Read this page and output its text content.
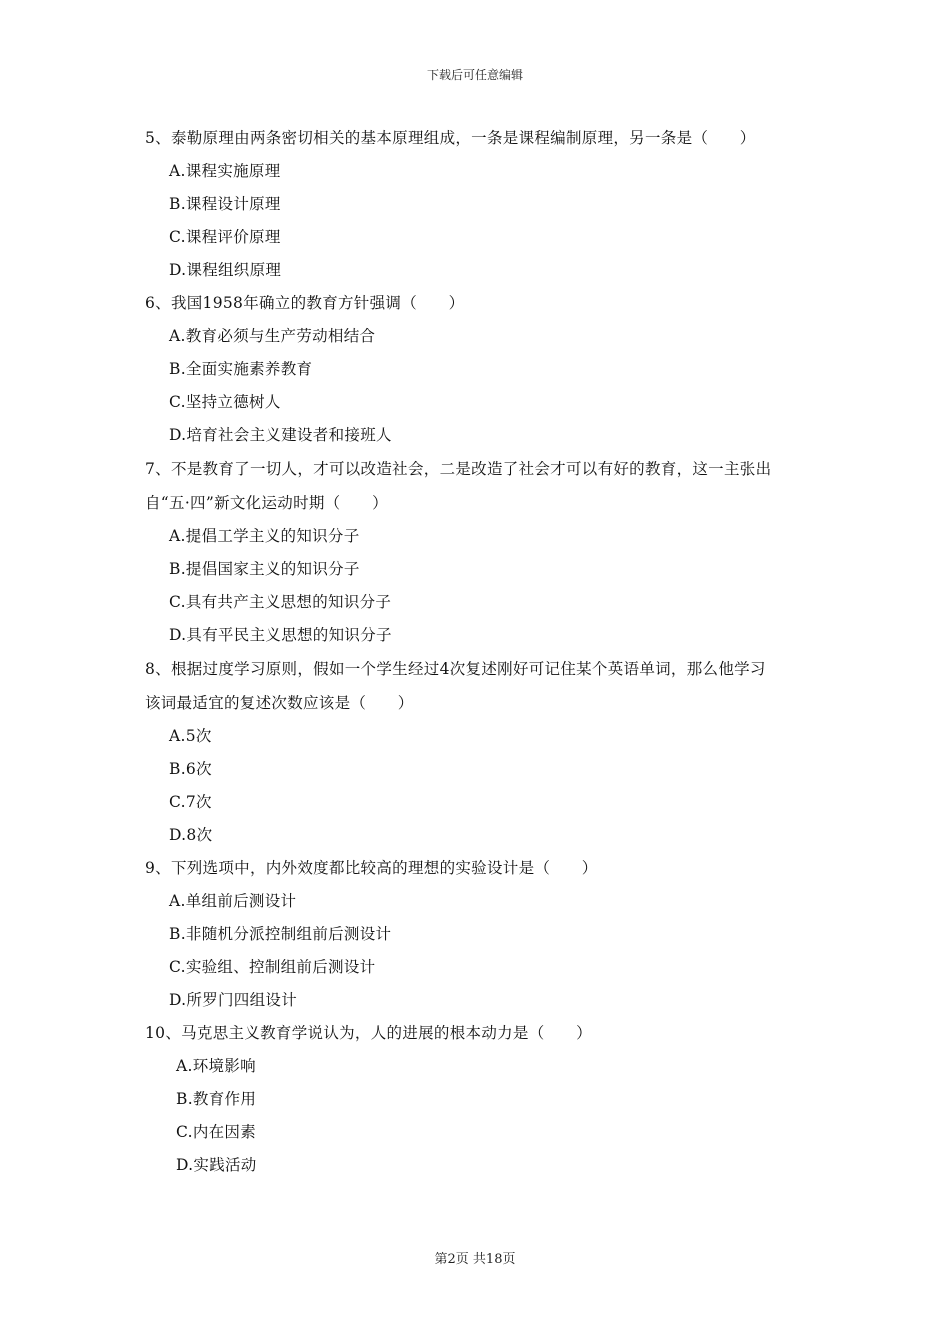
下载后可任意编辑
5、泰勒原理由两条密切相关的基本原理组成，一条是课程编制原理，另一条是（　　）
A.课程实施原理
B.课程设计原理
C.课程评价原理
D.课程组织原理
6、我国1958年确立的教育方针强调（　　）
A.教育必须与生产劳动相结合
B.全面实施素养教育
C.坚持立德树人
D.培育社会主义建设者和接班人
7、不是教育了一切人，才可以改造社会，二是改造了社会才可以有好的教育，这一主张出
自“五·四”新文化运动时期（　　）
A.提倡工学主义的知识分子
B.提倡国家主义的知识分子
C.具有共产主义思想的知识分子
D.具有平民主义思想的知识分子
8、根据过度学习原则，假如一个学生经过4次复述刚好可记住某个英语单词，那么他学习
该词最适宜的复述次数应该是（　　）
A.5次
B.6次
C.7次
D.8次
9、下列选项中，内外效度都比较高的理想的实验设计是（　　）
A.单组前后测设计
B.非随机分派控制组前后测设计
C.实验组、控制组前后测设计
D.所罗门四组设计
10、马克思主义教育学说认为，人的进展的根本动力是（　　）
A.环境影响
B.教育作用
C.内在因素
D.实践活动
第2页 共18页
